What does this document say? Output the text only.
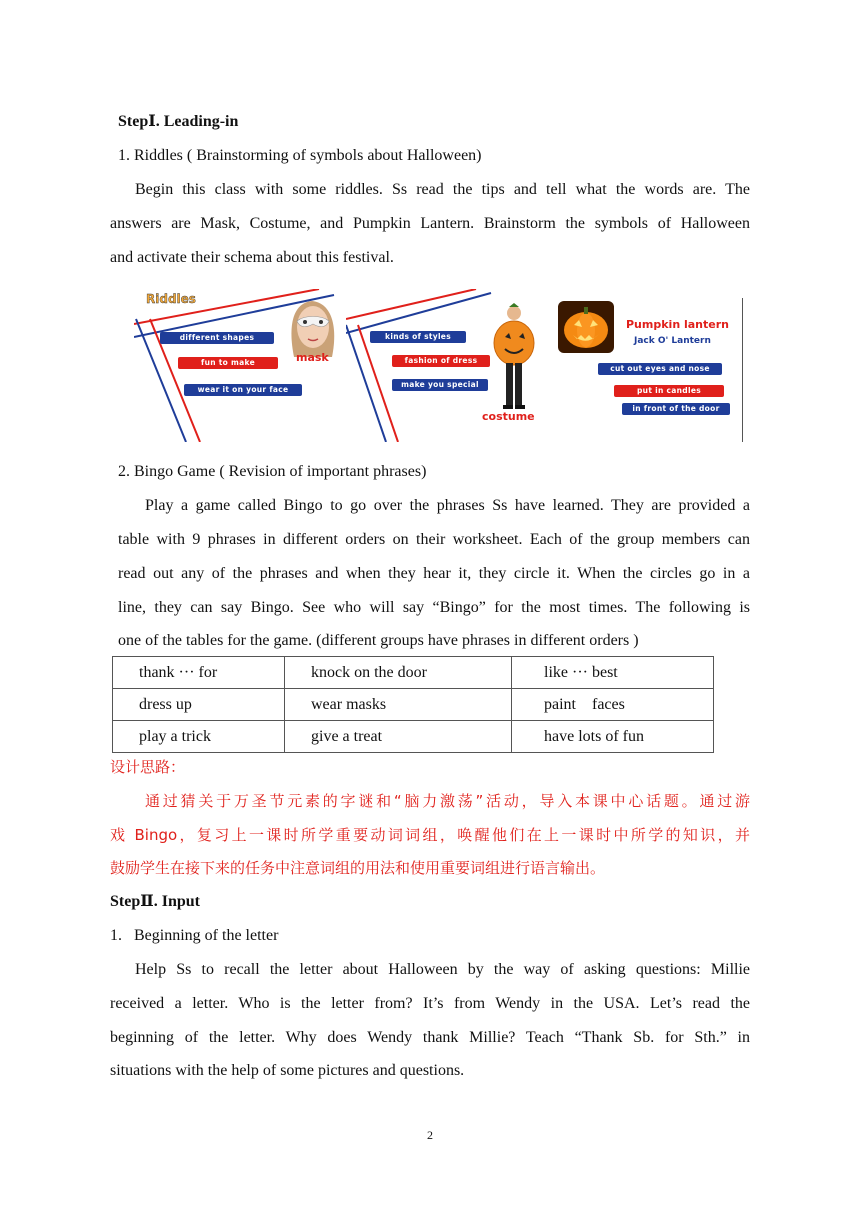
StepⅠ. Leading-in
1. Riddles ( Brainstorming of symbols about Halloween)
Begin this class with some riddles. Ss read the tips and tell what the words are. The
answers are Mask, Costume, and Pumpkin Lantern. Brainstorm the symbols of Halloween
and activate their schema about this festival.
Riddles
different shapes
fun to make
wear it on your face
mask
kinds of styles
fashion of dress
make you special
costume
Pumpkin lantern
Jack O' Lantern
cut out eyes and nose
put in candles
in front of the door
2. Bingo Game ( Revision of important phrases)
Play a game called Bingo to go over the phrases Ss have learned. They are provided a
table with 9 phrases in different orders on their worksheet. Each of the group members can
read out any of the phrases and when they hear it, they circle it. When the circles go in a
line, they can say Bingo. See who will say “Bingo” for the most times. The following is
one of the tables for the game. (different groups have phrases in different orders )
thank ··· for	knock on the door	like ··· best
dress up	wear masks	paint    faces
play a trick	give a treat	have lots of fun
设计思路：
通过猜关于万圣节元素的字谜和“脑力激荡”活动，导入本课中心话题。通过游
戏 Bingo，复习上一课时所学重要动词词组，唤醒他们在上一课时中所学的知识，并
鼓励学生在接下来的任务中注意词组的用法和使用重要词组进行语言输出。
StepⅡ. Input
1.   Beginning of the letter
Help Ss to recall the letter about Halloween by the way of asking questions: Millie
received a letter. Who is the letter from? It’s from Wendy in the USA. Let’s read the
beginning of the letter. Why does Wendy thank Millie? Teach “Thank Sb. for Sth.” in
situations with the help of some pictures and questions.
2
